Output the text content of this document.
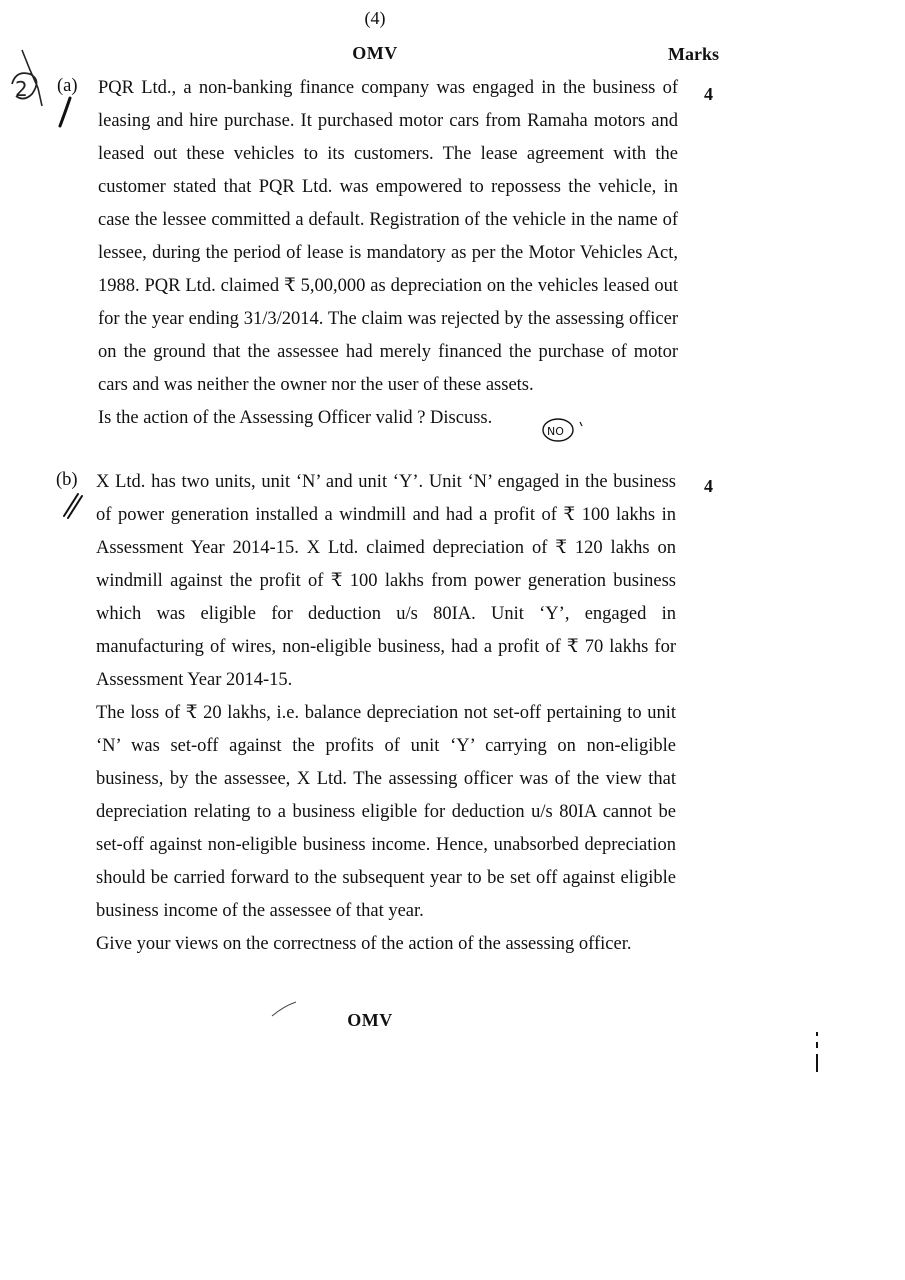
(4)
OMV	Marks
2
NO
(a)	4

PQR Ltd., a non-banking finance company was engaged in the business of leasing and hire purchase. It purchased motor cars from Ramaha motors and leased out these vehicles to its customers. The lease agreement with the customer stated that PQR Ltd. was empowered to repossess the vehicle, in case the lessee committed a default. Registration of the vehicle in the name of lessee, during the period of lease is mandatory as per the Motor Vehicles Act, 1988. PQR Ltd. claimed ₹ 5,00,000 as depreciation on the vehicles leased out for the year ending 31/3/2014. The claim was rejected by the assessing officer on the ground that the assessee had merely financed the purchase of motor cars and was neither the owner nor the user of these assets.

Is the action of the Assessing Officer valid ? Discuss.

(b)	4

X Ltd. has two units, unit ‘N’ and unit ‘Y’. Unit ‘N’ engaged in the business of power generation installed a windmill and had a profit of ₹ 100 lakhs in Assessment Year 2014-15. X Ltd. claimed depreciation of ₹ 120 lakhs on windmill against the profit of ₹ 100 lakhs from power generation business which was eligible for deduction u/s 80IA. Unit ‘Y’, engaged in manufacturing of wires, non-eligible business, had a profit of ₹ 70 lakhs for Assessment Year 2014-15.

The loss of ₹ 20 lakhs, i.e. balance depreciation not set-off pertaining to unit ‘N’ was set-off against the profits of unit ‘Y’ carrying on non-eligible business, by the assessee, X Ltd. The assessing officer was of the view that depreciation relating to a business eligible for deduction u/s 80IA cannot be set-off against non-eligible business income. Hence, unabsorbed depreciation should be carried forward to the subsequent year to be set off against eligible business income of the assessee of that year.

Give your views on the correctness of the action of the assessing officer.

OMV
